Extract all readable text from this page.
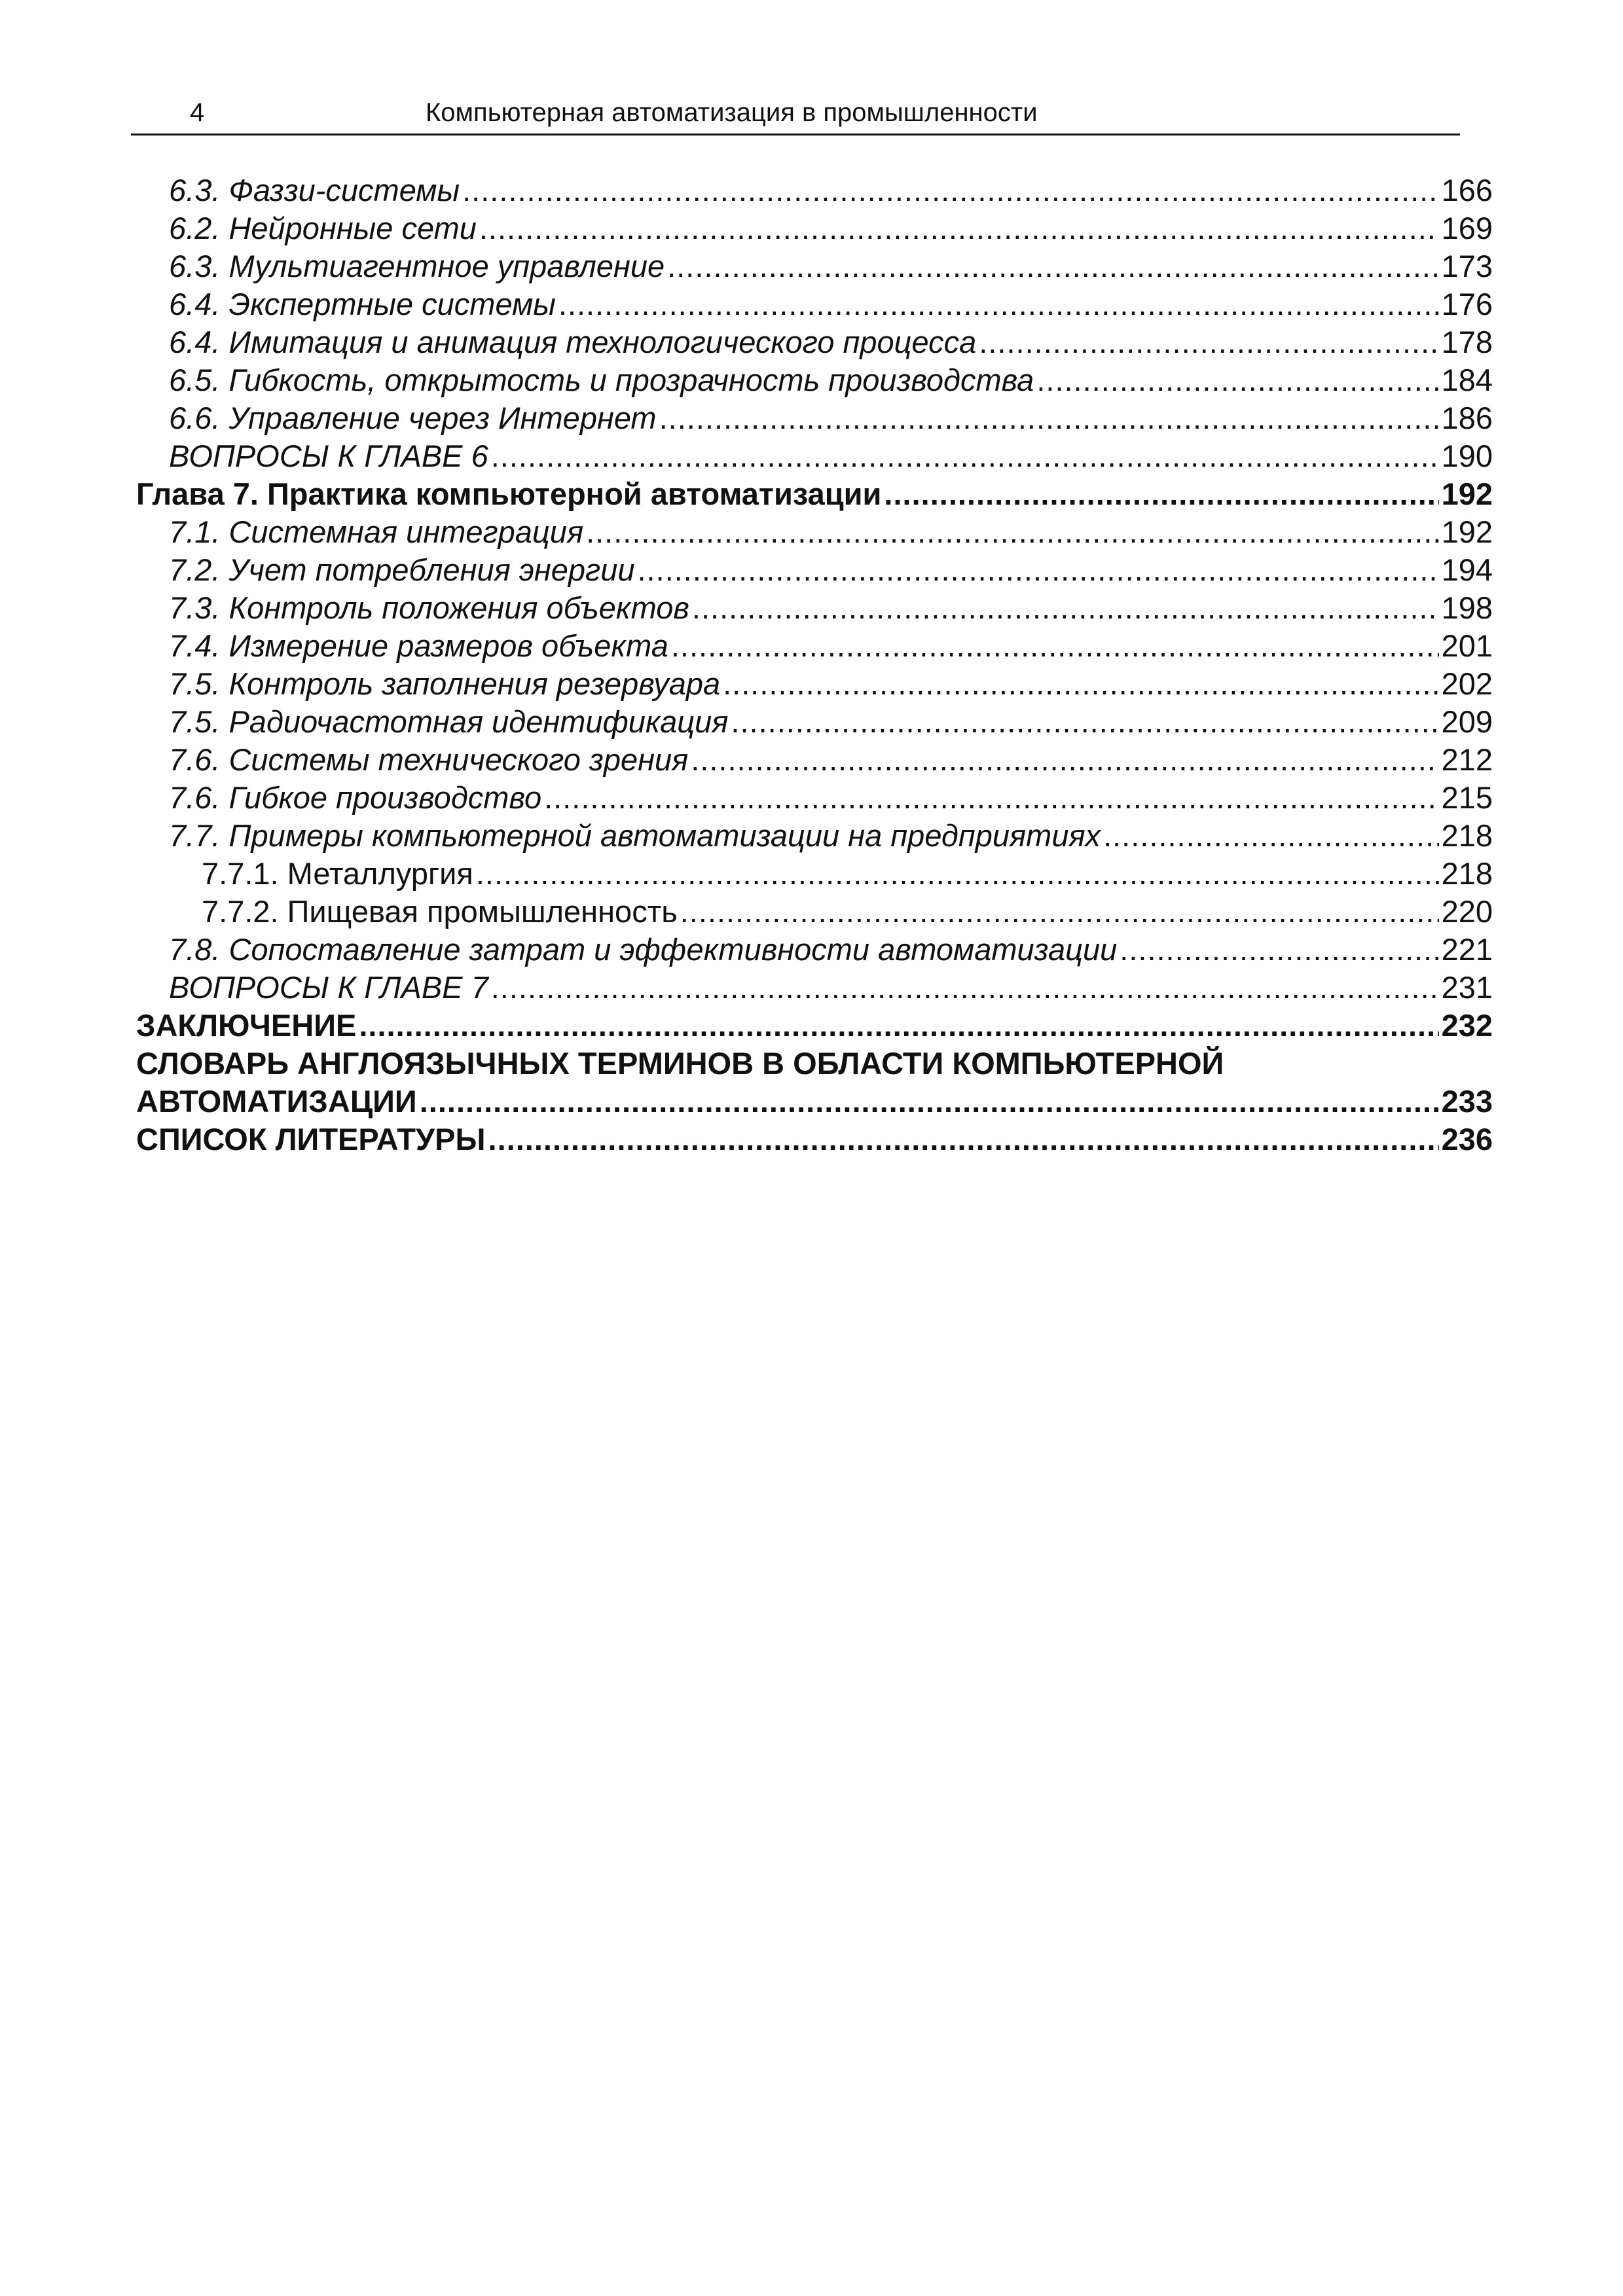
4	Компьютерная автоматизация в промышленности
6.3. Фаззи-системы .....	166
6.2. Нейронные сети .....	169
6.3. Мультиагентное управление .....	173
6.4. Экспертные системы .....	176
6.4. Имитация и анимация технологического процесса .....	178
6.5. Гибкость, открытость и прозрачность производства .....	184
6.6. Управление через Интернет .....	186
ВОПРОСЫ К ГЛАВЕ 6 .....	190
Глава 7. Практика компьютерной автоматизации .....	192
7.1. Системная интеграция .....	192
7.2. Учет потребления энергии .....	194
7.3. Контроль положения объектов .....	198
7.4. Измерение размеров объекта .....	201
7.5. Контроль заполнения резервуара .....	202
7.5. Радиочастотная идентификация .....	209
7.6. Системы технического зрения .....	212
7.6. Гибкое производство .....	215
7.7. Примеры компьютерной автоматизации на предприятиях .....	218
7.7.1. Металлургия .....	218
7.7.2. Пищевая промышленность .....	220
7.8. Сопоставление затрат и эффективности автоматизации .....	221
ВОПРОСЫ К ГЛАВЕ 7 .....	231
ЗАКЛЮЧЕНИЕ .....	232
СЛОВАРЬ АНГЛОЯЗЫЧНЫХ ТЕРМИНОВ В ОБЛАСТИ КОМПЬЮТЕРНОЙ
АВТОМАТИЗАЦИИ .....	233
СПИСОК ЛИТЕРАТУРЫ .....	236
